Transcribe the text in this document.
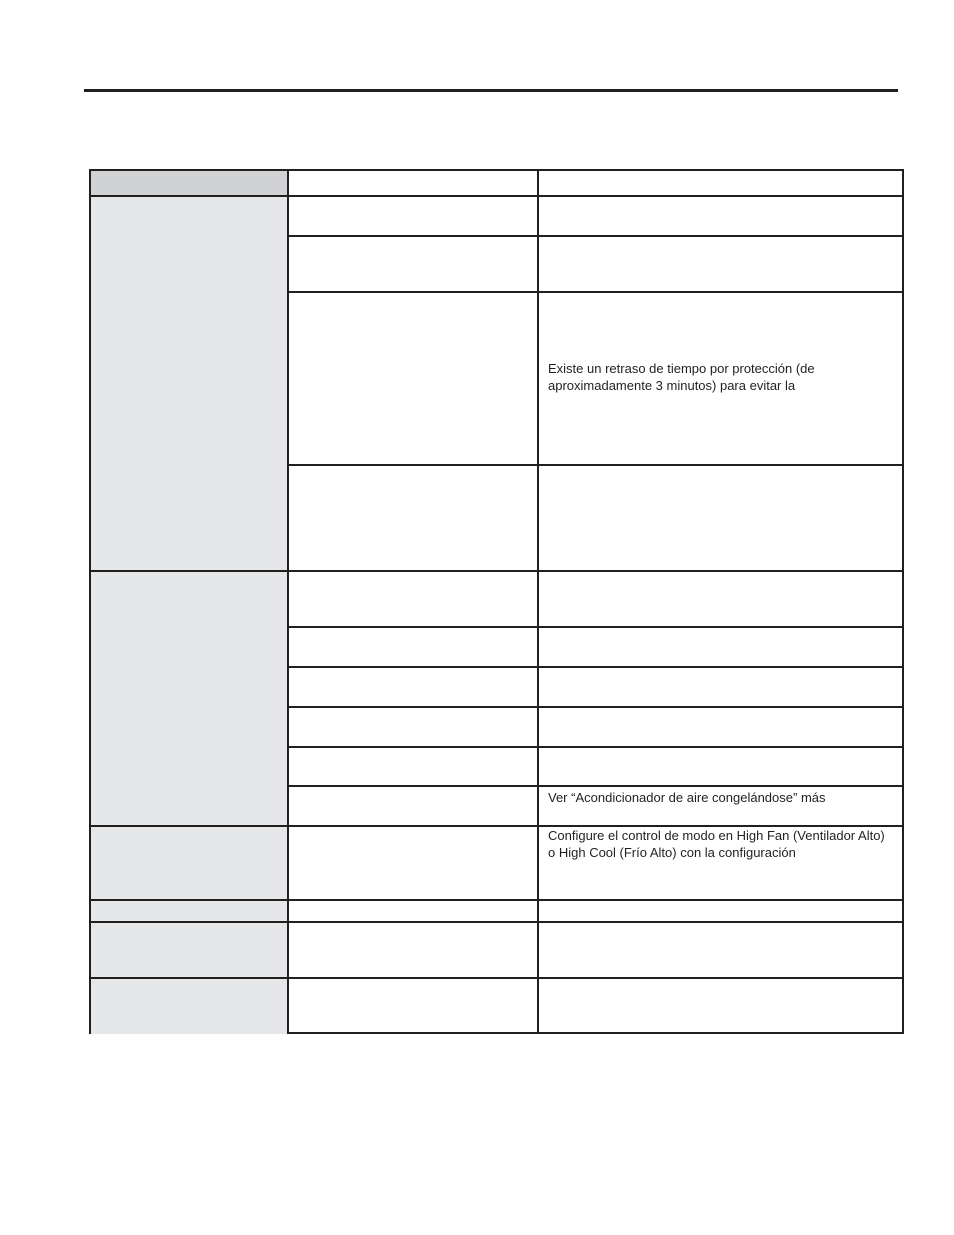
Existe un retraso de tiempo por protección (de aproximadamente 3 minutos) para evitar la
Ver “Acondicionador de aire congelándose” más
Configure el control de modo en High Fan (Ventilador Alto) o High Cool (Frío Alto) con la configuración
